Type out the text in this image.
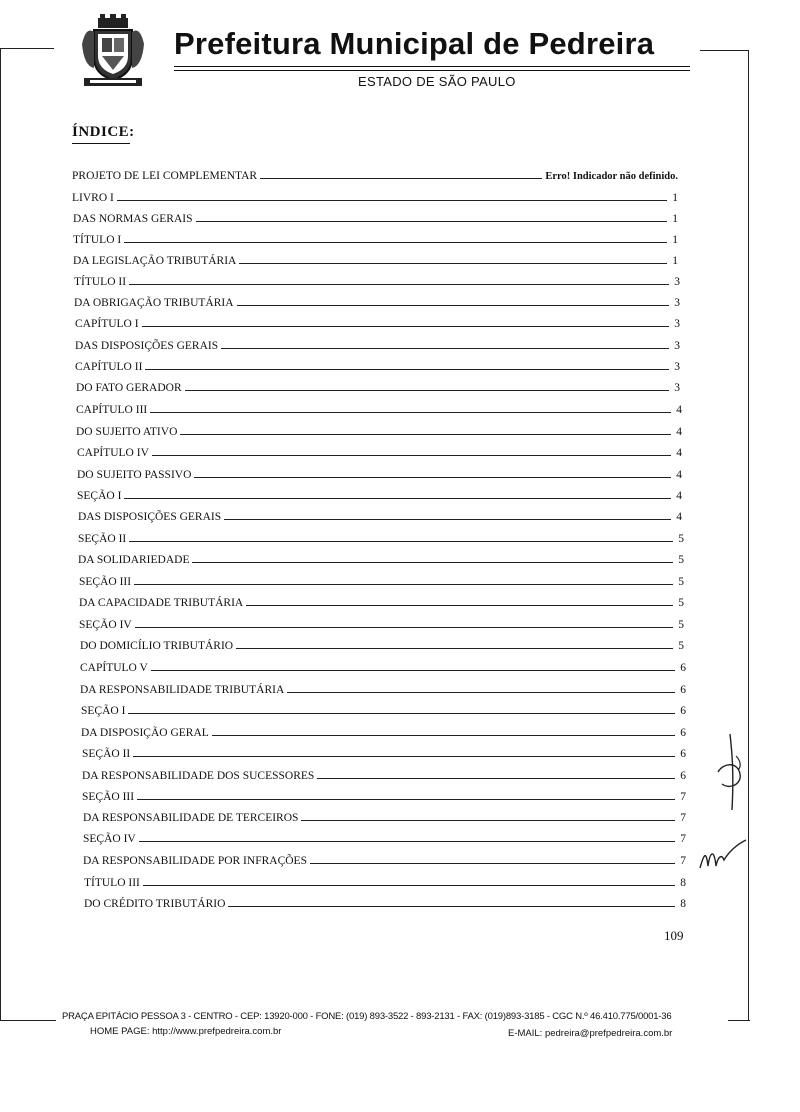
Prefeitura Municipal de Pedreira
ESTADO DE SÃO PAULO
ÍNDICE:
PROJETO DE LEI COMPLEMENTAR	Erro! Indicador não definido.
LIVRO I	1
DAS NORMAS GERAIS	1
TÍTULO I	1
DA LEGISLAÇÃO TRIBUTÁRIA	1
TÍTULO II	3
DA OBRIGAÇÃO TRIBUTÁRIA	3
CAPÍTULO I	3
DAS DISPOSIÇÕES GERAIS	3
CAPÍTULO II	3
DO FATO GERADOR	3
CAPÍTULO III	4
DO SUJEITO ATIVO	4
CAPÍTULO IV	4
DO SUJEITO PASSIVO	4
SEÇÃO I	4
DAS DISPOSIÇÕES GERAIS	4
SEÇÃO II	5
DA SOLIDARIEDADE	5
SEÇÃO III	5
DA CAPACIDADE TRIBUTÁRIA	5
SEÇÃO IV	5
DO DOMICÍLIO TRIBUTÁRIO	5
CAPÍTULO V	6
DA RESPONSABILIDADE TRIBUTÁRIA	6
SEÇÃO I	6
DA DISPOSIÇÃO GERAL	6
SEÇÃO II	6
DA RESPONSABILIDADE DOS SUCESSORES	6
SEÇÃO III	7
DA RESPONSABILIDADE DE TERCEIROS	7
SEÇÃO IV	7
DA RESPONSABILIDADE POR INFRAÇÕES	7
TÍTULO III	8
DO CRÉDITO TRIBUTÁRIO	8
109
PRAÇA EPITÁCIO PESSOA 3 - CENTRO - CEP: 13920-000 - FONE: (019) 893-3522 - 893-2131 - FAX: (019)893-3185 - CGC N.º 46.410.775/0001-36
HOME PAGE: http://www.prefpedreira.com.br	E-MAIL: pedreira@prefpedreira.com.br
